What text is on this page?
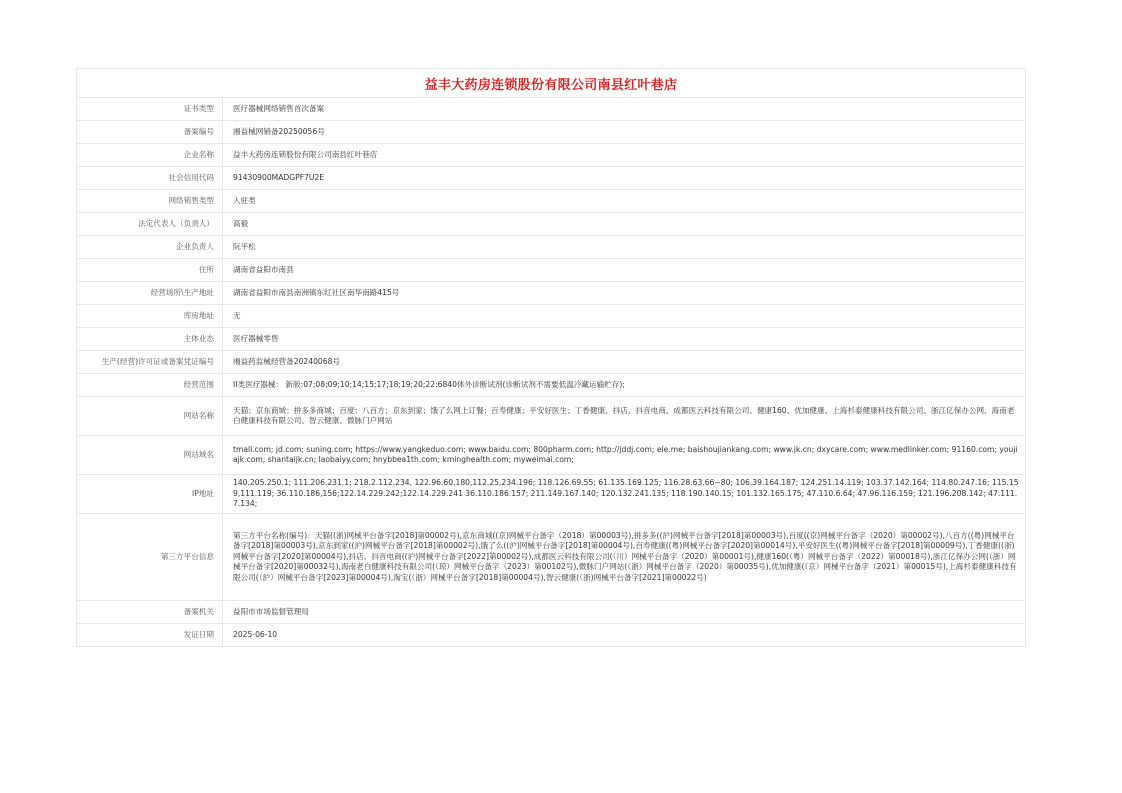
益丰大药房连锁股份有限公司南县红叶巷店
证书类型	医疗器械网络销售首次备案
备案编号	湘益械网销备20250056号
企业名称	益丰大药房连锁股份有限公司南县红叶巷店
社会信用代码	91430900MADGPF7U2E
网络销售类型	入驻类
法定代表人（负责人）	高毅
企业负责人	阮平松
住所	湖南省益阳市南县
经营场所\生产地址	湖南省益阳市南县南洲镇东红社区南华南路415号
库房地址	无
主体业态	医疗器械零售
生产(经营)许可证或备案凭证编号	湘益药监械经营备20240068号
经营范围	II类医疗器械： 新版:07;08;09;10;14;15;17;18;19;20;22:6840体外诊断试剂(诊断试剂不需要低温冷藏运输贮存);
网站名称	天猫；京东商城；拼多多商城；百度；八百方；京东到家；饿了么网上订餐；百寿健康；平安好医生；丁香健康、抖店、抖音电商、成都医云科技有限公司、健康160、优加健康、上海杉泰健康科技有限公司、浙江亿保办公网、海南老白健康科技有限公司、智云健康、微脉门户网站
网站域名	tmall.com; jd.com; suning.com; https://www.yangkeduo.com; www.baidu.com; 800pharm.com; http://jddj.com; ele.me; baishoujiankang.com; www.jk.cn; dxycare.com; www.medlinker.com; 91160.com; youjiajk.com; shantaijk.cn; laobaiyy.com; hnybbea1th.com; kminghealth.com; myweimai.com;
IP地址	140.205.250.1; 111.206.231.1; 218.2.112.234, 122.96.60.180,112.25.234.196; 118.126.69.55; 61.135.169.125; 116.28.63.66~80; 106.39.164.187; 124.251.14.119; 103.37.142.164; 114.80.247.16; 115.159,111.119; 36.110.186,156;122.14.229.242;122.14.229.241 36.110.186.157; 211.149.167.140; 120.132.241.135; 118.190.140.15; 101.132.165.175; 47.110.6.64; 47.96.116.159; 121.196.208.142; 47.111.7.134;
第三方平台信息	第三方平台名称(编号)：天猫((浙)网械平台备字[2018]第00002号),京东商城((京)网械平台备字（2018）第00003号),拼多多((沪)网械平台备字[2018]第00003号),百度((京)网械平台备字（2020）第00002号),八百方((粤)网械平台备字[2018]第00003号),京东到家((沪)网械平台备字[2018]第00002号),饿了么((沪)网械平台备字[2018]第00004号),百寿健康((粤)网械平台备字[2020]第00014号),平安好医生((粤)网械平台备字[2018]第00009号),丁香健康((浙)网械平台备字[2020]第00004号),抖店、抖音电商((沪)网械平台备字[2022]第00002号),成都医云科技有限公司(（川）网械平台备字（2020）第00001号),健康160(（粤）网械平台备字（2022）第00018号),浙江亿保办公网(（浙）网械平台备字[2020]第00032号),海南老白健康科技有限公司(（琼）网械平台备字（2023）第00102号),微脉门户网站(（浙）网械平台备字（2020）第00035号),优加健康(（京）网械平台备字（2021）第00015号),上海杉泰健康科技有限公司(（沪）网械平台备字[2023]第00004号),淘宝(（浙）网械平台备字[2018]第00004号),智云健康(（浙)网械平台备字[2021]第00022号)
备案机关	益阳市市场监督管理局
发证日期	2025-06-10
